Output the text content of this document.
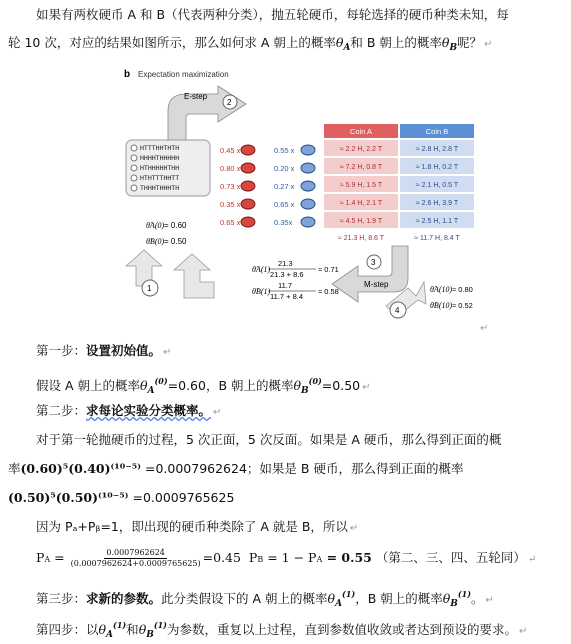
如果有两枚硬币 A 和 B（代表两种分类），抛五轮硬币，每轮选择的硬币种类未知，每
轮 10 次，对应的结果如图所示，那么如何求 A 朝上的概率$\theta_A$和 B 朝上的概率$\theta_B$呢？ ↵
b Expectation maximization
E-step
2
HTTTHHTHTH
HHHHTHHHHH
HTHHHHHTHH
HTHTTTHHTT
THHHTHHHTH
θ̂A(0) = 0.60
θ̂B(0) = 0.50
0.45 x	0.55 x
0.80 x	0.20 x
0.73 x	0.27 x
0.35 x	0.65 x
0.65 x	0.35x
Coin A	Coin B
≈ 2.2 H, 2.2 T	≈ 2.8 H, 2.8 T
≈ 7.2 H, 0.8 T	≈ 1.8 H, 0.2 T
≈ 5.9 H, 1.5 T	≈ 2.1 H, 0.5 T
≈ 1.4 H, 2.1 T	≈ 2.6 H, 3.9 T
≈ 4.5 H, 1.9 T	≈ 2.5 H, 1.1 T
≈ 21.3 H, 8.6 T	≈ 11.7 H, 8.4 T
1
θ̂A(1)
21.3
21.3 + 8.6
≈ 0.71
θ̂B(1)
11.7
11.7 + 8.4
≈ 0.58
M-step
3
4
θ̂A(10) ≈ 0.80
θ̂B(10) ≈ 0.52
↵
第一步：设置初始值。 ↵
假设 A 朝上的概率$\theta_A^{(0)}=0.60$，B 朝上的概率$\theta_B^{(0)}=0.50$ ↵
第二步：求每论实验分类概率。 ↵
对于第一轮抛硬币的过程，5 次正面，5 次反面。如果是 A 硬币，那么得到正面的概
率(0.60)⁵(0.40)⁽¹⁰⁻⁵⁾ =0.0007962624；如果是 B 硬币，那么得到正面的概率
(0.50)⁵(0.50)⁽¹⁰⁻⁵⁾ =0.0009765625
因为 Pₐ+Pᵦ=1，即出现的硬币种类除了 A 就是 B，所以 ↵
PA = $\frac{0.0007962624}{(0.0007962624+0.0009765625)} =0.45$ PB = 1 − PA = 0.55 （第二、三、四、五轮同） ↵
第三步：求新的参数。此分类假设下的 A 朝上的概率$\theta_A^{(1)}$，B 朝上的概率$\theta_B^{(1)}$。 ↵
第四步：以$\theta_A^{(1)}$和$\theta_B^{(1)}$为参数，重复以上过程，直到参数值收敛或者达到预设的要求。 ↵
